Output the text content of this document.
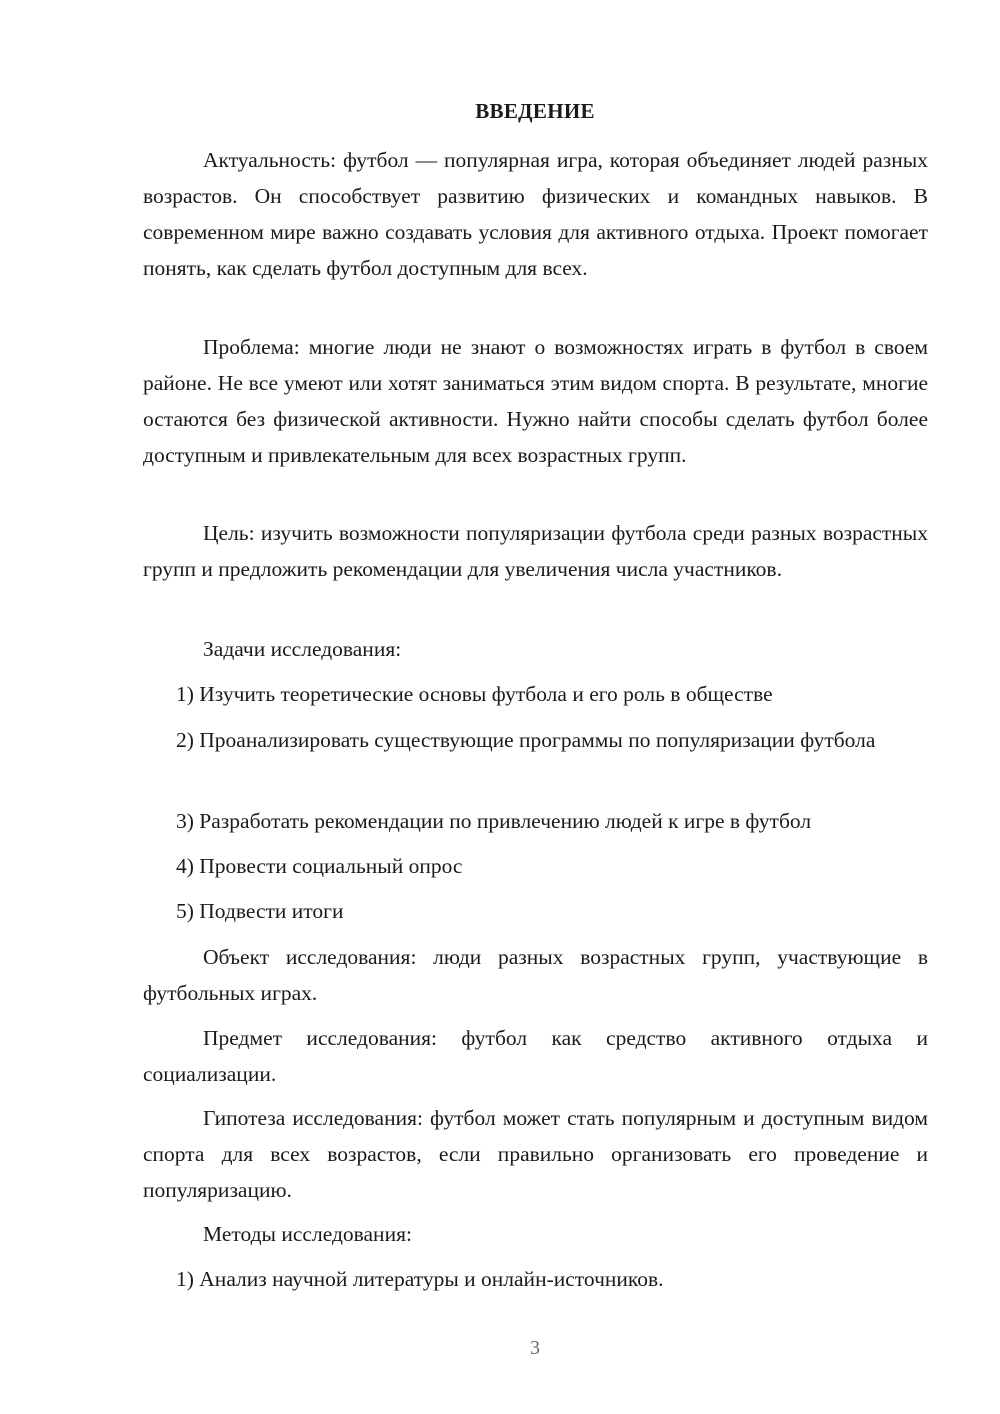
ВВЕДЕНИЕ

Актуальность: футбол — популярная игра, которая объединяет людей разных возрастов. Он способствует развитию физических и командных навыков. В современном мире важно создавать условия для активного отдыха. Проект помогает понять, как сделать футбол доступным для всех.

Проблема: многие люди не знают о возможностях играть в футбол в своем районе. Не все умеют или хотят заниматься этим видом спорта. В результате, многие остаются без физической активности. Нужно найти способы сделать футбол более доступным и привлекательным для всех возрастных групп.

Цель: изучить возможности популяризации футбола среди разных возрастных групп и предложить рекомендации для увеличения числа участников.

Задачи исследования:

1) Изучить теоретические основы футбола и его роль в обществе

2) Проанализировать существующие программы по популяризации футбола

3) Разработать рекомендации по привлечению людей к игре в футбол

4) Провести социальный опрос

5) Подвести итоги

Объект исследования: люди разных возрастных групп, участвующие в футбольных играх.

Предмет исследования: футбол как средство активного отдыха и социализации.

Гипотеза исследования: футбол может стать популярным и доступным видом спорта для всех возрастов, если правильно организовать его проведение и популяризацию.

Методы исследования:

1) Анализ научной литературы и онлайн-источников.

3
